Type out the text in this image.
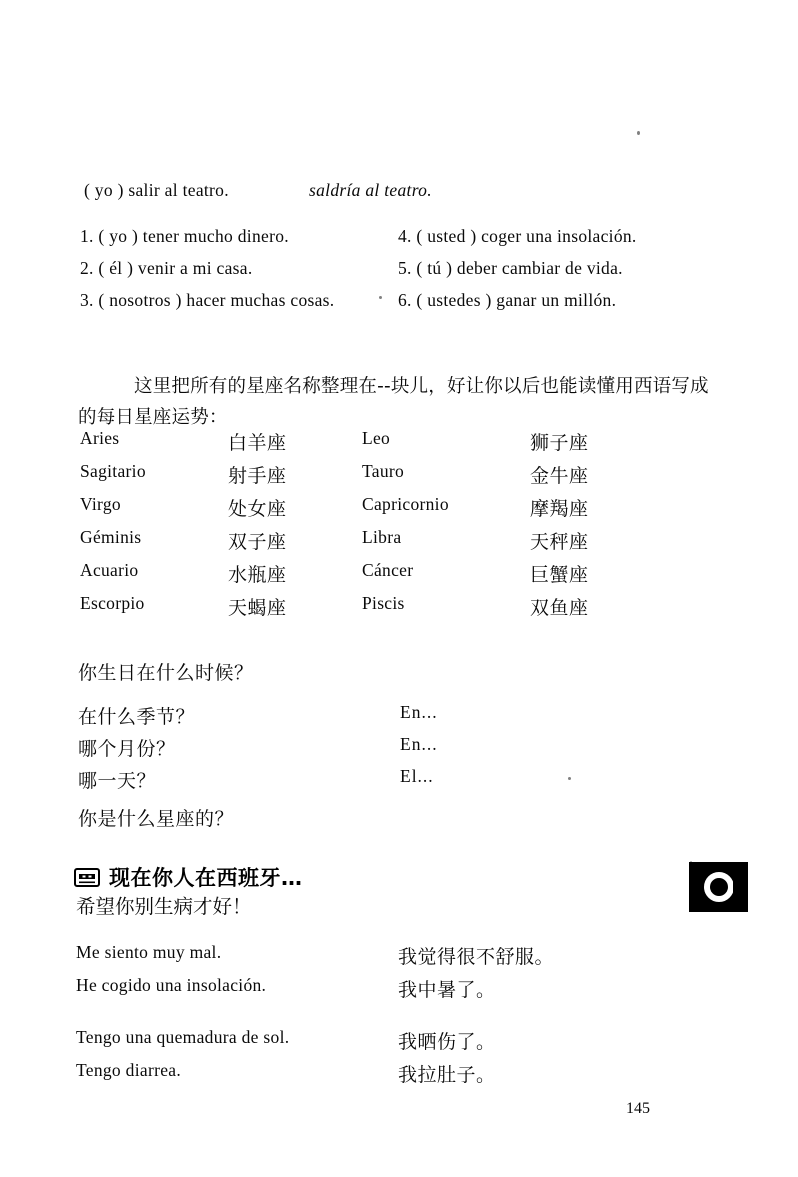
( yo ) salir al teatro.	saldría al teatro.
1. ( yo ) tener mucho dinero.	4. ( usted ) coger una insolación.
2. ( él ) venir a mi casa.	5. ( tú ) deber cambiar de vida.
3. ( nosotros ) hacer muchas cosas.	6. ( ustedes ) ganar un millón.

这里把所有的星座名称整理在--块儿，好让你以后也能读懂用西语写成的每日星座运势：

Aries	白羊座	Leo	狮子座
Sagitario	射手座	Tauro	金牛座
Virgo	处女座	Capricornio	摩羯座
Géminis	双子座	Libra	天秤座
Acuario	水瓶座	Cáncer	巨蟹座
Escorpio	天蝎座	Piscis	双鱼座
你生日在什么时候？
在什么季节？	En...
哪个月份？	En...
哪一天？	El...
你是什么星座的？
现在你人在西班牙…
希望你别生病才好！
Me siento muy mal.	我觉得很不舒服。
He cogido una insolación.	我中暑了。
Tengo una quemadura de sol.	我晒伤了。
Tengo diarrea.	我拉肚子。
145
